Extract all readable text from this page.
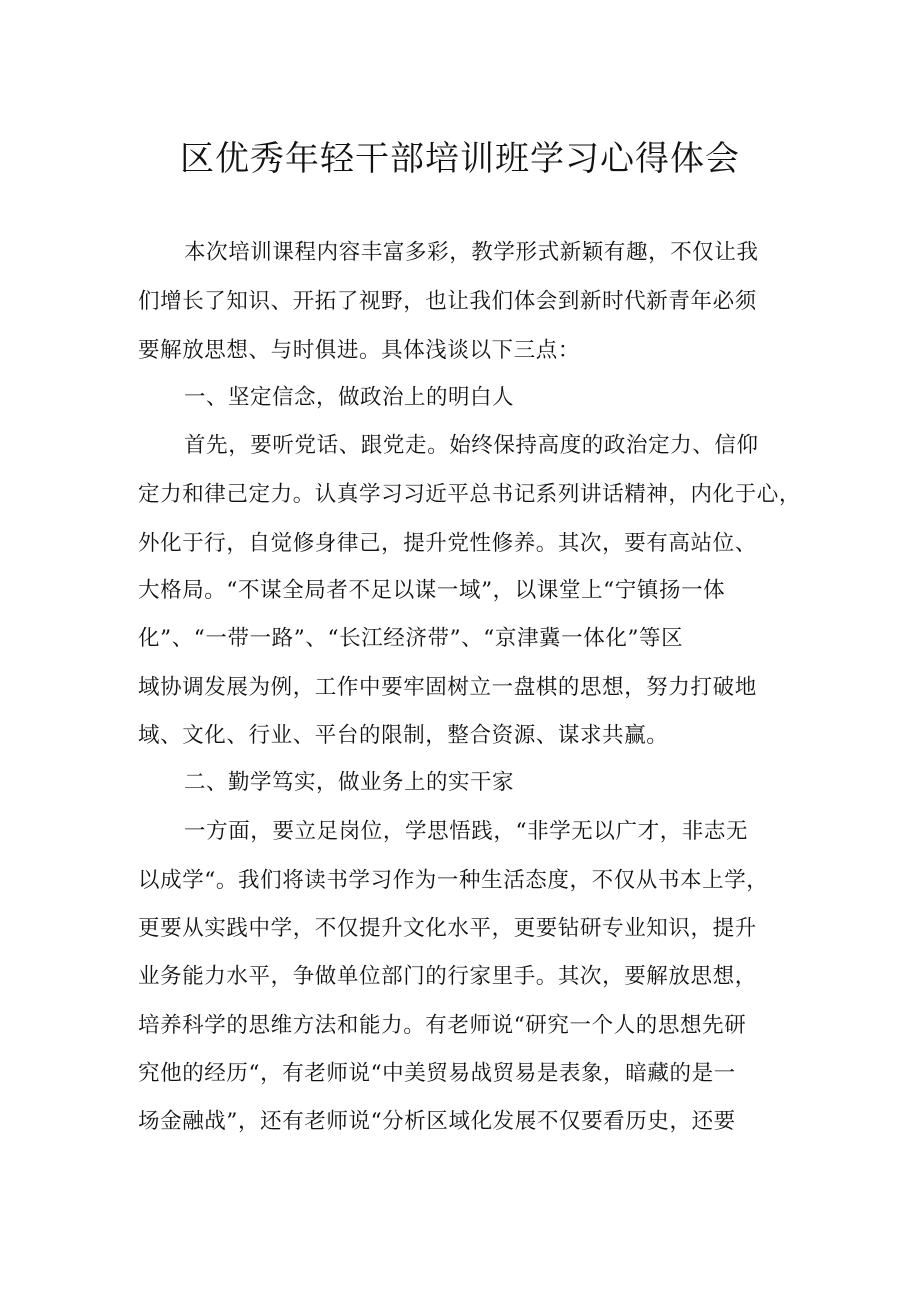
区优秀年轻干部培训班学习心得体会
本次培训课程内容丰富多彩，教学形式新颖有趣，不仅让我
们增长了知识、开拓了视野，也让我们体会到新时代新青年必须
要解放思想、与时俱进。具体浅谈以下三点：
一、坚定信念，做政治上的明白人
首先，要听党话、跟党走。始终保持高度的政治定力、信仰
定力和律己定力。认真学习习近平总书记系列讲话精神，内化于心，
外化于行，自觉修身律己，提升党性修养。其次，要有高站位、
大格局。“不谋全局者不足以谋一域”，以课堂上“宁镇扬一体
化”、“一带一路”、“长江经济带”、“京津冀一体化”等区
域协调发展为例，工作中要牢固树立一盘棋的思想，努力打破地
域、文化、行业、平台的限制，整合资源、谋求共赢。
二、勤学笃实，做业务上的实干家
一方面，要立足岗位，学思悟践，“非学无以广才，非志无
以成学“。我们将读书学习作为一种生活态度，不仅从书本上学，
更要从实践中学，不仅提升文化水平，更要钻研专业知识，提升
业务能力水平，争做单位部门的行家里手。其次，要解放思想，
培养科学的思维方法和能力。有老师说“研究一个人的思想先研
究他的经历“，有老师说“中美贸易战贸易是表象，暗藏的是一
场金融战”，还有老师说“分析区域化发展不仅要看历史，还要
